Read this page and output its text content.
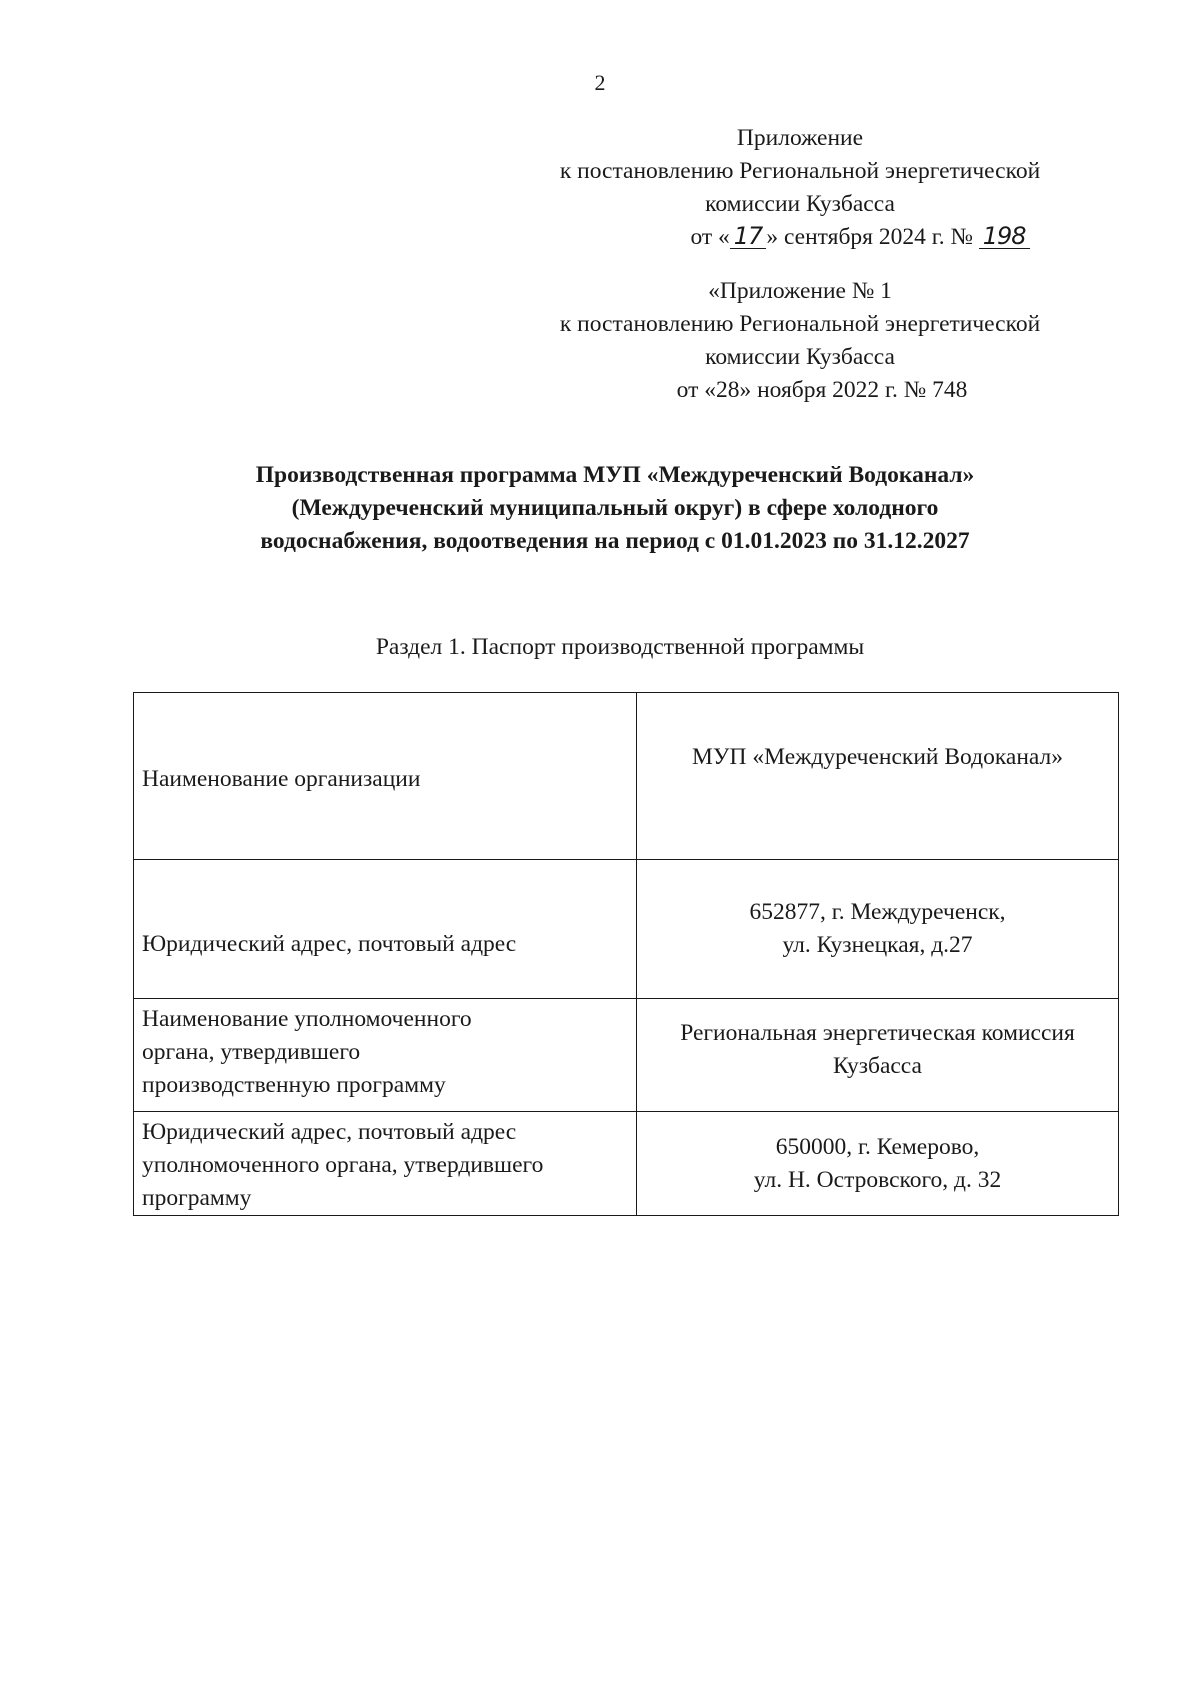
2
Приложение
к постановлению Региональной энергетической
комиссии Кузбасса
от « 17 » сентября 2024 г. № 198
«Приложение № 1
к постановлению Региональной энергетической
комиссии Кузбасса
от «28» ноября 2022 г. № 748
Производственная программа МУП «Междуреченский Водоканал»
(Междуреченский муниципальный округ) в сфере холодного
водоснабжения, водоотведения на период с 01.01.2023 по 31.12.2027
Раздел 1. Паспорт производственной программы
Наименование организации	МУП «Междуреченский Водоканал»

Юридический адрес, почтовый адрес	652877, г. Междуреченск,
ул. Кузнецкая, д.27

Наименование уполномоченного
органа, утвердившего
производственную программу	Региональная энергетическая комиссия
Кузбасса

Юридический адрес, почтовый адрес
уполномоченного органа, утвердившего
программу	650000, г. Кемерово,
ул. Н. Островского, д. 32
